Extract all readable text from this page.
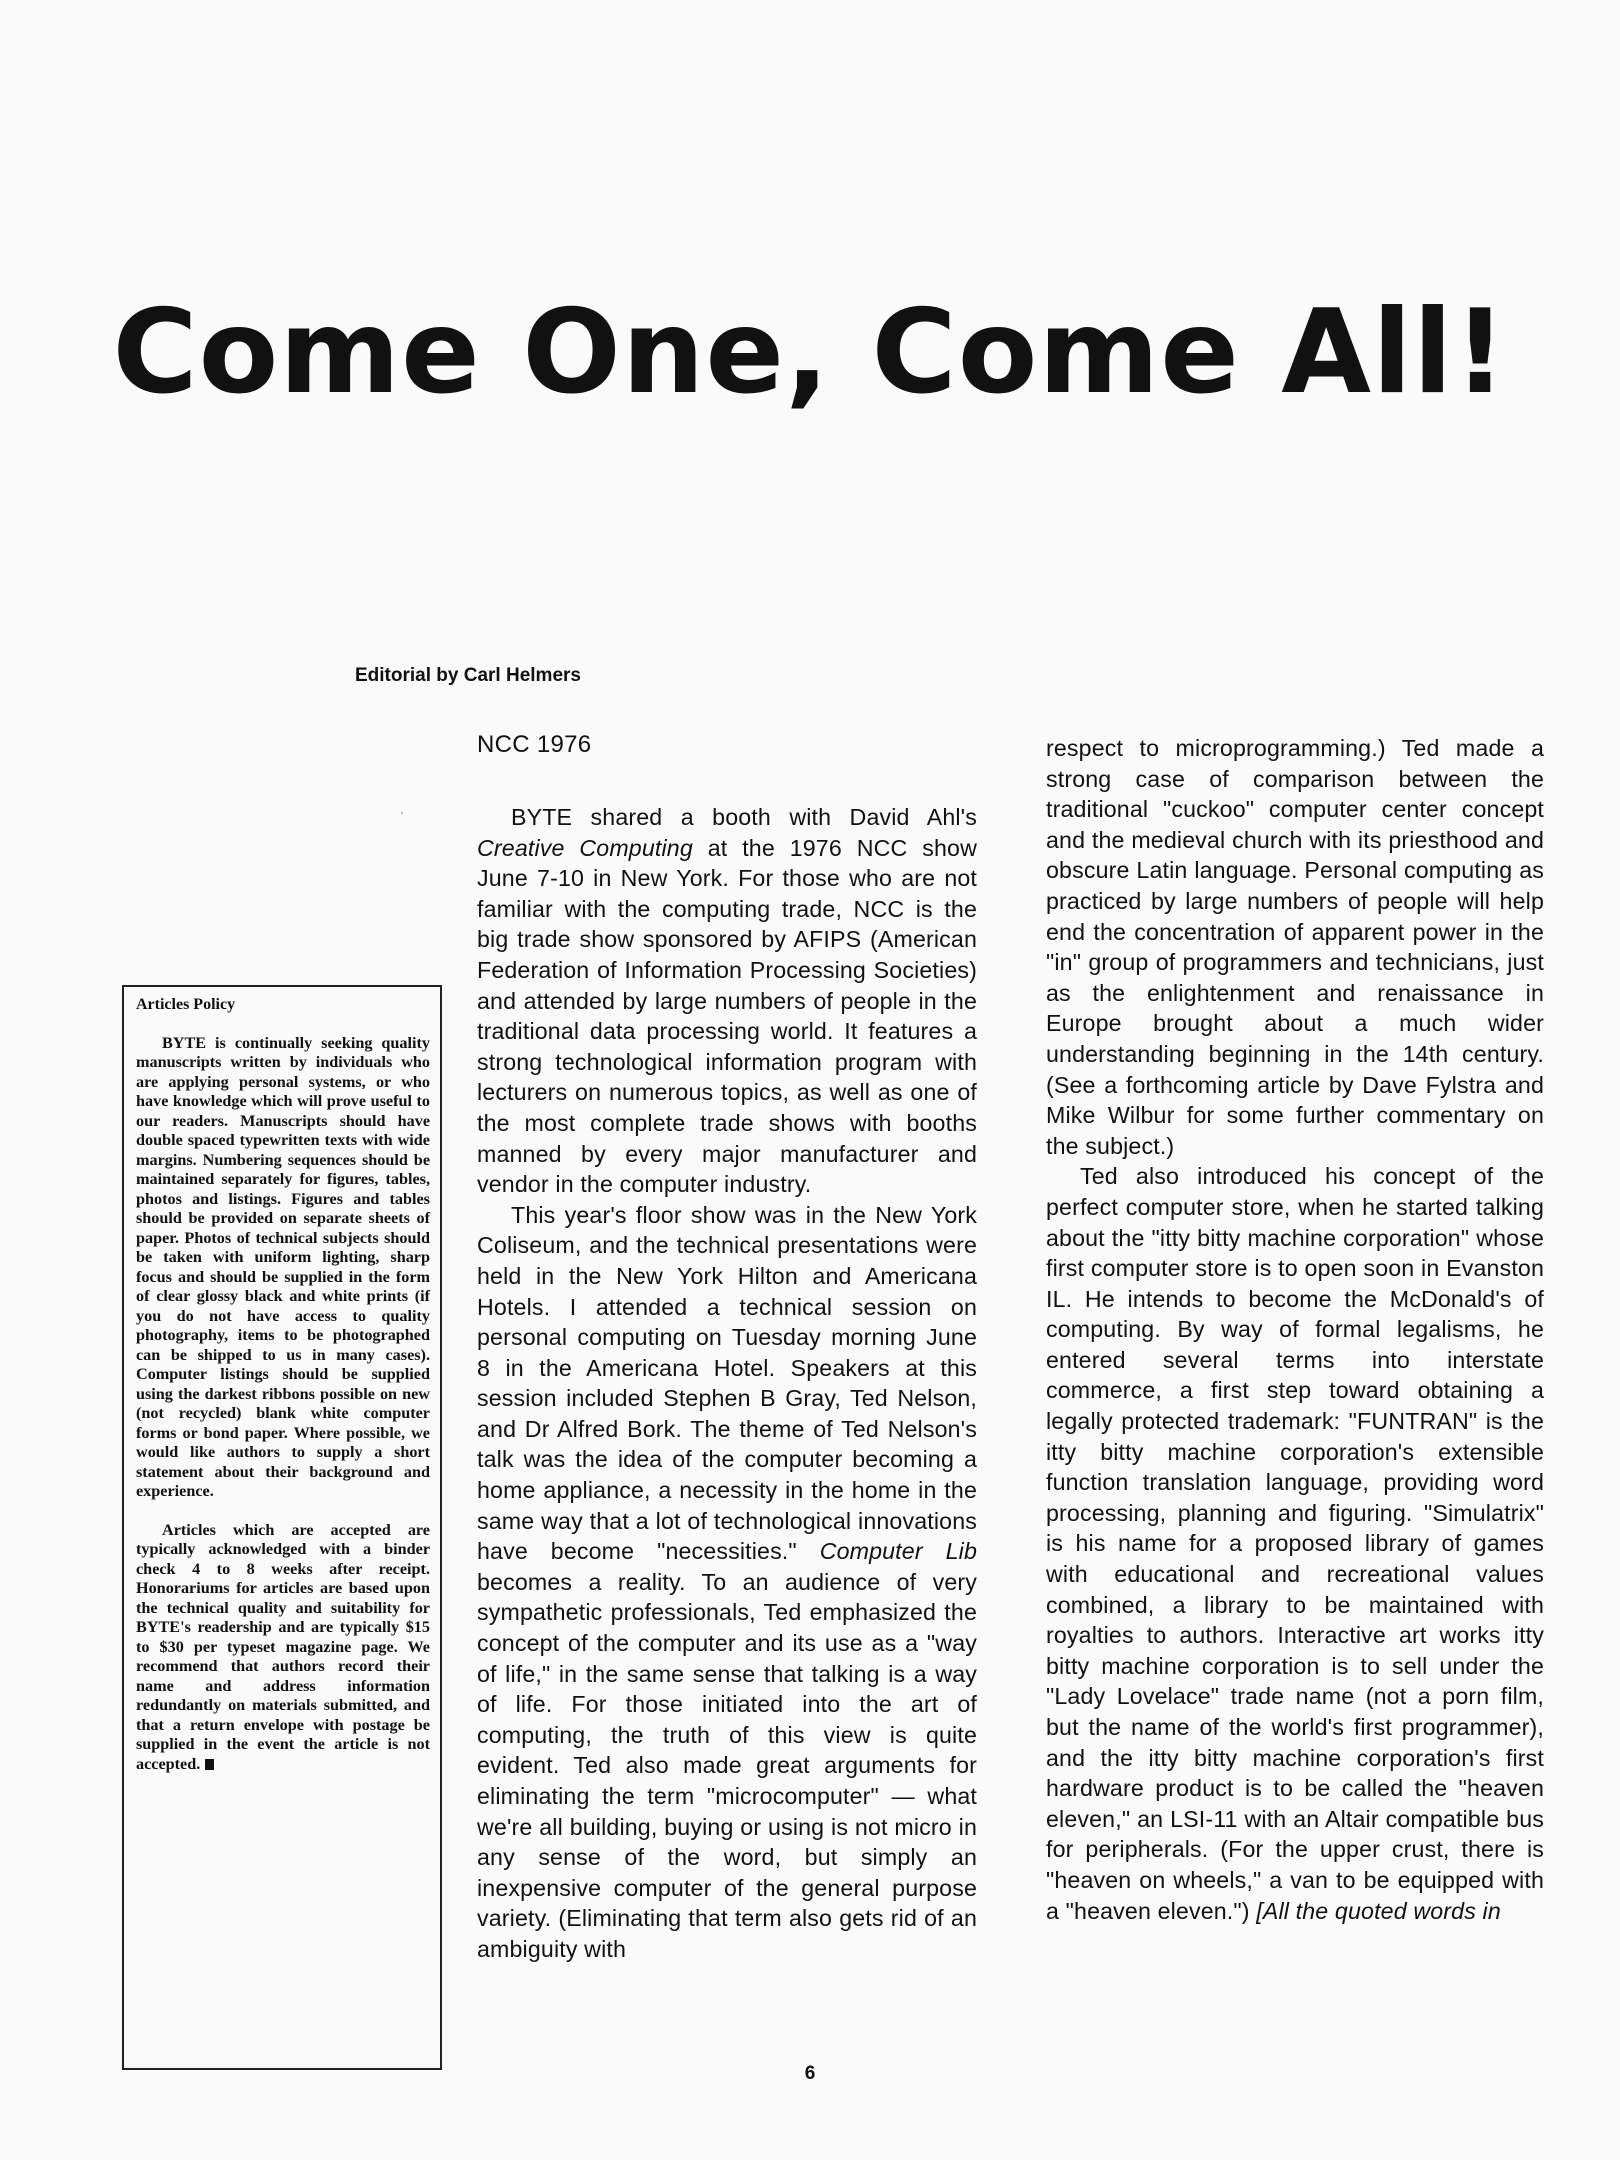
Come One, Come All!

Editorial by Carl Helmers

Articles Policy

BYTE is continually seeking quality manuscripts written by individuals who are applying personal systems, or who have knowledge which will prove useful to our readers. Manuscripts should have double spaced typewritten texts with wide margins. Numbering sequences should be maintained separately for figures, tables, photos and listings. Figures and tables should be provided on separate sheets of paper. Photos of technical subjects should be taken with uniform lighting, sharp focus and should be supplied in the form of clear glossy black and white prints (if you do not have access to quality photography, items to be photographed can be shipped to us in many cases). Computer listings should be supplied using the darkest ribbons possible on new (not recycled) blank white computer forms or bond paper. Where possible, we would like authors to supply a short statement about their background and experience.

Articles which are accepted are typically acknowledged with a binder check 4 to 8 weeks after receipt. Honorariums for articles are based upon the technical quality and suitability for BYTE's readership and are typically $15 to $30 per typeset magazine page. We recommend that authors record their name and address information redundantly on materials submitted, and that a return envelope with postage be supplied in the event the article is not accepted.

NCC 1976

BYTE shared a booth with David Ahl's Creative Computing at the 1976 NCC show June 7-10 in New York. For those who are not familiar with the computing trade, NCC is the big trade show sponsored by AFIPS (American Federation of Information Processing Societies) and attended by large numbers of people in the traditional data processing world. It features a strong technological information program with lecturers on numerous topics, as well as one of the most complete trade shows with booths manned by every major manufacturer and vendor in the computer industry.

This year's floor show was in the New York Coliseum, and the technical presentations were held in the New York Hilton and Americana Hotels. I attended a technical session on personal computing on Tuesday morning June 8 in the Americana Hotel. Speakers at this session included Stephen B Gray, Ted Nelson, and Dr Alfred Bork. The theme of Ted Nelson's talk was the idea of the computer becoming a home appliance, a necessity in the home in the same way that a lot of technological innovations have become "necessities." Computer Lib becomes a reality. To an audience of very sympathetic professionals, Ted emphasized the concept of the computer and its use as a "way of life," in the same sense that talking is a way of life. For those initiated into the art of computing, the truth of this view is quite evident. Ted also made great arguments for eliminating the term "microcomputer" — what we're all building, buying or using is not micro in any sense of the word, but simply an inexpensive computer of the general purpose variety. (Eliminating that term also gets rid of an ambiguity with

respect to microprogramming.) Ted made a strong case of comparison between the traditional "cuckoo" computer center concept and the medieval church with its priesthood and obscure Latin language. Personal computing as practiced by large numbers of people will help end the concentration of apparent power in the "in" group of programmers and technicians, just as the enlightenment and renaissance in Europe brought about a much wider understanding beginning in the 14th century. (See a forthcoming article by Dave Fylstra and Mike Wilbur for some further commentary on the subject.)

Ted also introduced his concept of the perfect computer store, when he started talking about the "itty bitty machine corporation" whose first computer store is to open soon in Evanston IL. He intends to become the McDonald's of computing. By way of formal legalisms, he entered several terms into interstate commerce, a first step toward obtaining a legally protected trademark: "FUNTRAN" is the itty bitty machine corporation's extensible function translation language, providing word processing, planning and figuring. "Simulatrix" is his name for a proposed library of games with educational and recreational values combined, a library to be maintained with royalties to authors. Interactive art works itty bitty machine corporation is to sell under the "Lady Lovelace" trade name (not a porn film, but the name of the world's first programmer), and the itty bitty machine corporation's first hardware product is to be called the "heaven eleven," an LSI-11 with an Altair compatible bus for peripherals. (For the upper crust, there is "heaven on wheels," a van to be equipped with a "heaven eleven.") [All the quoted words in

6
